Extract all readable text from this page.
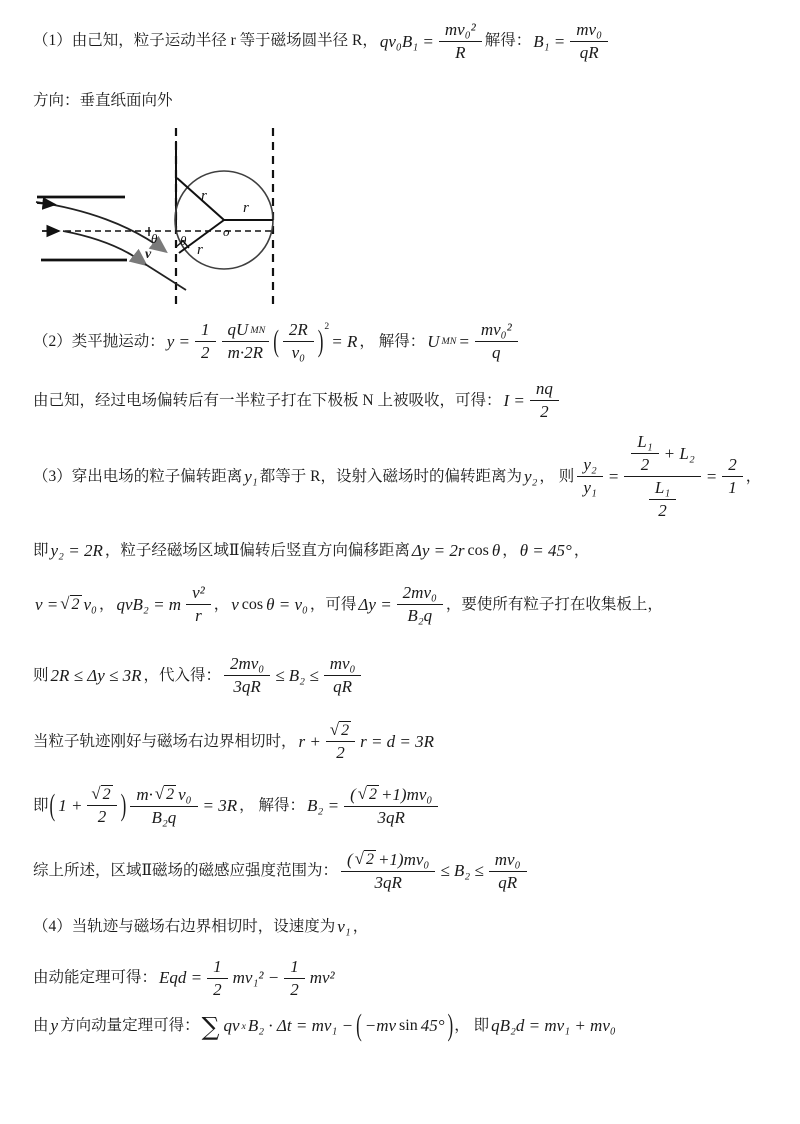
（1）由己知，粒子运动半径 r 等于磁场圆半径 R，$qv_0B_1 = \frac{\text{mv₀²}}{R}$ 解得：$B_1 = \frac{\text{mv₀}}{qR}$
方向：垂直纸面向外
r
r
r
o
θ
θ
v
（2）类平抛运动：$y = \frac{1}{2} \frac{\text{qU MN}}{m\cdot 2R}$ ( $\frac{2R}{\text{v₀}} )^2= R$ ， 解得：U MN = $\frac{\text{mv₀²}}{q}$
由己知，经过电场偏转后有一半粒子打在下极板 N 上被吸收，可得：$I = \frac{nq}{2}$
（3）穿出电场的粒子偏转距离y₁都等于 R，设射入磁场时的偏转距离为y₂ ， 则 $\frac{\text{y₂}}{\text{y₁}} = \frac{\frac{\text{L₁}}{2} + L_2}{\frac{\text{L₁}}{2}} = \frac{2}{1}$ ，
即y₂ = 2R ，粒子经磁场区域Ⅱ偏转后竖直方向偏移距离Δy = 2r cos θ ，θ = 45° ，
v = √ 2 v₀ ，qvB₂ = m $\frac{\text{v²}}{r}$ ，v cos θ = v₀ ，可得$\Delta y = \frac{\text{2mv₀}}{\text{B₂q}}$ ，要使所有粒子打在收集板上，
则2R ≤ Δy ≤ 3R ，代入得： $\frac{\text{2mv₀}}{3qR} \le B_2 \le \frac{\text{mv₀}}{qR}$
当粒子轨迹刚好与磁场右边界相切时，$r + \frac{√ 2}{2}$ r = d = 3R
即( $1 + \frac{√ 2}{2}$ ) $\frac{\text{m· √ 2 v₀}}{\text{B₂q}} = 3R$ ， 解得：$B_2 = \frac{\text{( √ 2 +1)mv₀}}{3qR}$
综上所述，区域Ⅱ磁场的磁感应强度范围为： $\frac{\text{( √ 2 +1)mv₀}}{3qR} \le B_2 \le \frac{\text{mv₀}}{qR}$
（4）当轨迹与磁场右边界相切时，设速度为v₁ ，
由动能定理可得：Eqd = $\frac{1}{2} mv_1^2 - \frac{1}{2} mv^2$
由y方向动量定理可得：∑ qv x B₂ · Δt = mv₁ − ( −mv sin 45° )， 即qB₂d = mv₁ + mv₀
